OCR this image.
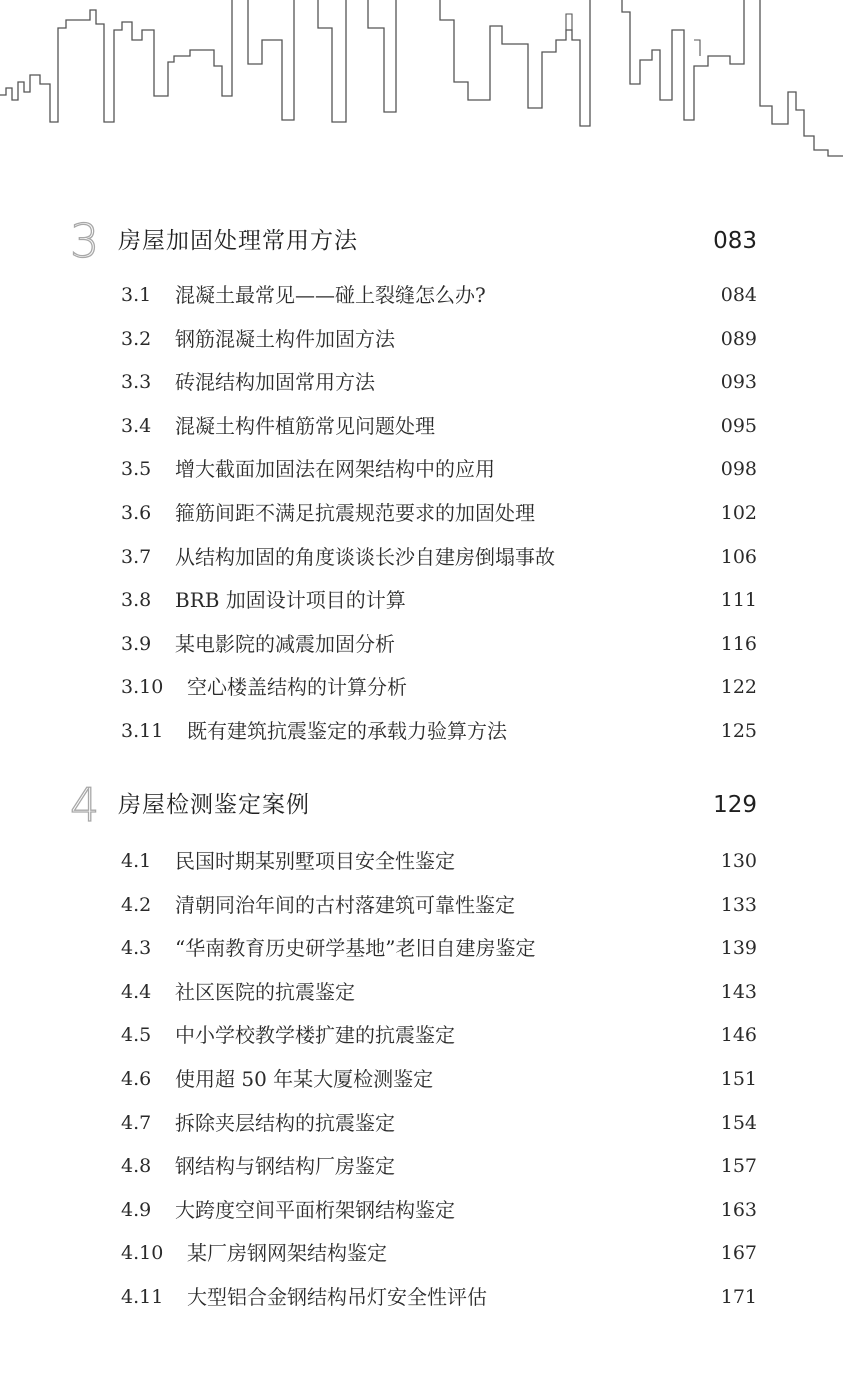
3 房屋加固处理常用方法	083
3.1 混凝土最常见——碰上裂缝怎么办?	084
3.2 钢筋混凝土构件加固方法	089
3.3 砖混结构加固常用方法	093
3.4 混凝土构件植筋常见问题处理	095
3.5 增大截面加固法在网架结构中的应用	098
3.6 箍筋间距不满足抗震规范要求的加固处理	102
3.7 从结构加固的角度谈谈长沙自建房倒塌事故	106
3.8 BRB 加固设计项目的计算	111
3.9 某电影院的减震加固分析	116
3.10 空心楼盖结构的计算分析	122
3.11 既有建筑抗震鉴定的承载力验算方法	125
4 房屋检测鉴定案例	129
4.1 民国时期某别墅项目安全性鉴定	130
4.2 清朝同治年间的古村落建筑可靠性鉴定	133
4.3 “华南教育历史研学基地”老旧自建房鉴定	139
4.4 社区医院的抗震鉴定	143
4.5 中小学校教学楼扩建的抗震鉴定	146
4.6 使用超 50 年某大厦检测鉴定	151
4.7 拆除夹层结构的抗震鉴定	154
4.8 钢结构与钢结构厂房鉴定	157
4.9 大跨度空间平面桁架钢结构鉴定	163
4.10 某厂房钢网架结构鉴定	167
4.11 大型铝合金钢结构吊灯安全性评估	171
